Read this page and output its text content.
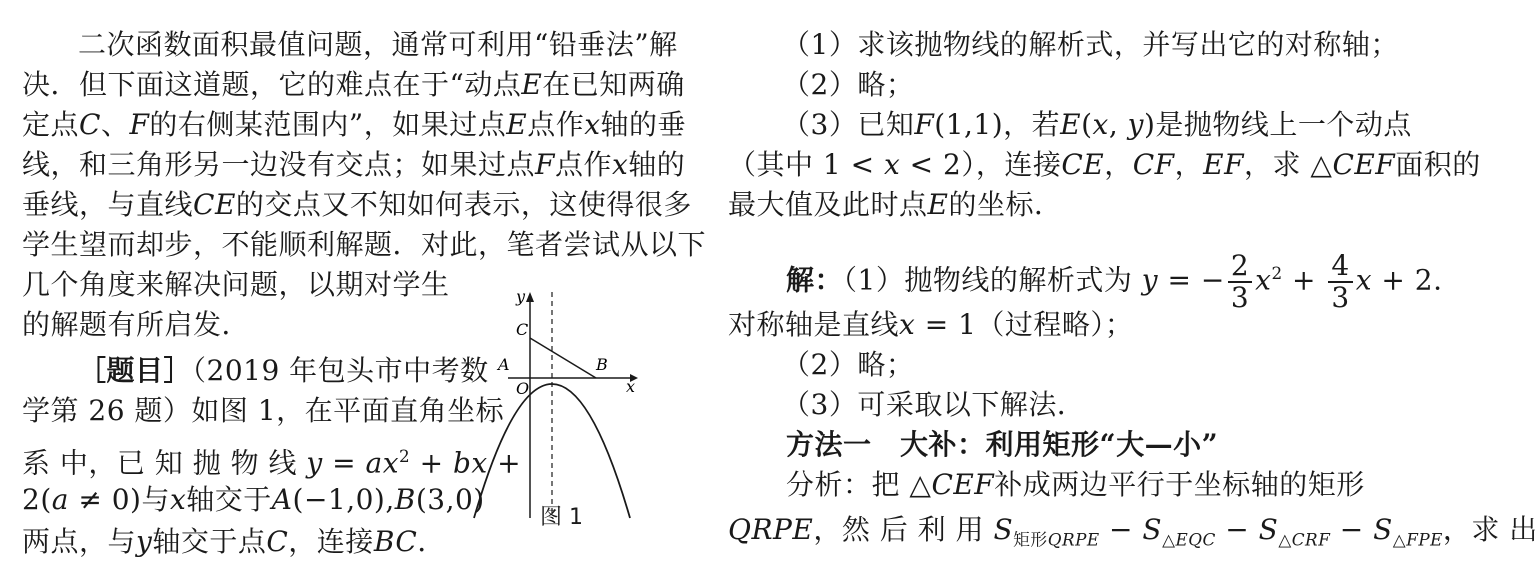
二次函数面积最值问题，通常可利用“铅垂法”解
决．但下面这道题，它的难点在于“动点E在已知两确
定点C、F的右侧某范围内”，如果过点E点作x轴的垂
线，和三角形另一边没有交点；如果过点F点作x轴的
垂线，与直线CE的交点又不知如何表示，这使得很多
学生望而却步，不能顺利解题．对此，笔者尝试从以下
几个角度来解决问题，以期对学生
的解题有所启发．
［题目］（2019 年包头市中考数
学第 26 题）如图 1，在平面直角坐标
系 中，已 知 抛 物 线 $y = ax^2$ + bx +
2(a ≠ 0)与x轴交于A(−1,0),B(3,0)
两点，与y轴交于点C，连接BC．
y
x
C
A
O
B
图 1
（1）求该抛物线的解析式，并写出它的对称轴；
（2）略；
（3）已知F(1,1)，若E(x, y)是抛物线上一个动点
（其中 1 < x < 2），连接CE，CF，EF，求 △CEF面积的
最大值及此时点E的坐标．
解：（1）抛物线的解析式为 y = − $\frac{2}{3} x^2 + \frac{4}{3}$ x + 2.
对称轴是直线x = 1（过程略）；
（2）略；
（3）可采取以下解法．
方法一　大补：利用矩形“大—小”
分析：把 △CEF补成两边平行于坐标轴的矩形
QRPE，然 后 利 用 $S_{矩形QRPE} - S_{\triangle EQC} - S_{\triangle CRF} - S_{\triangle FPE}$，求 出
